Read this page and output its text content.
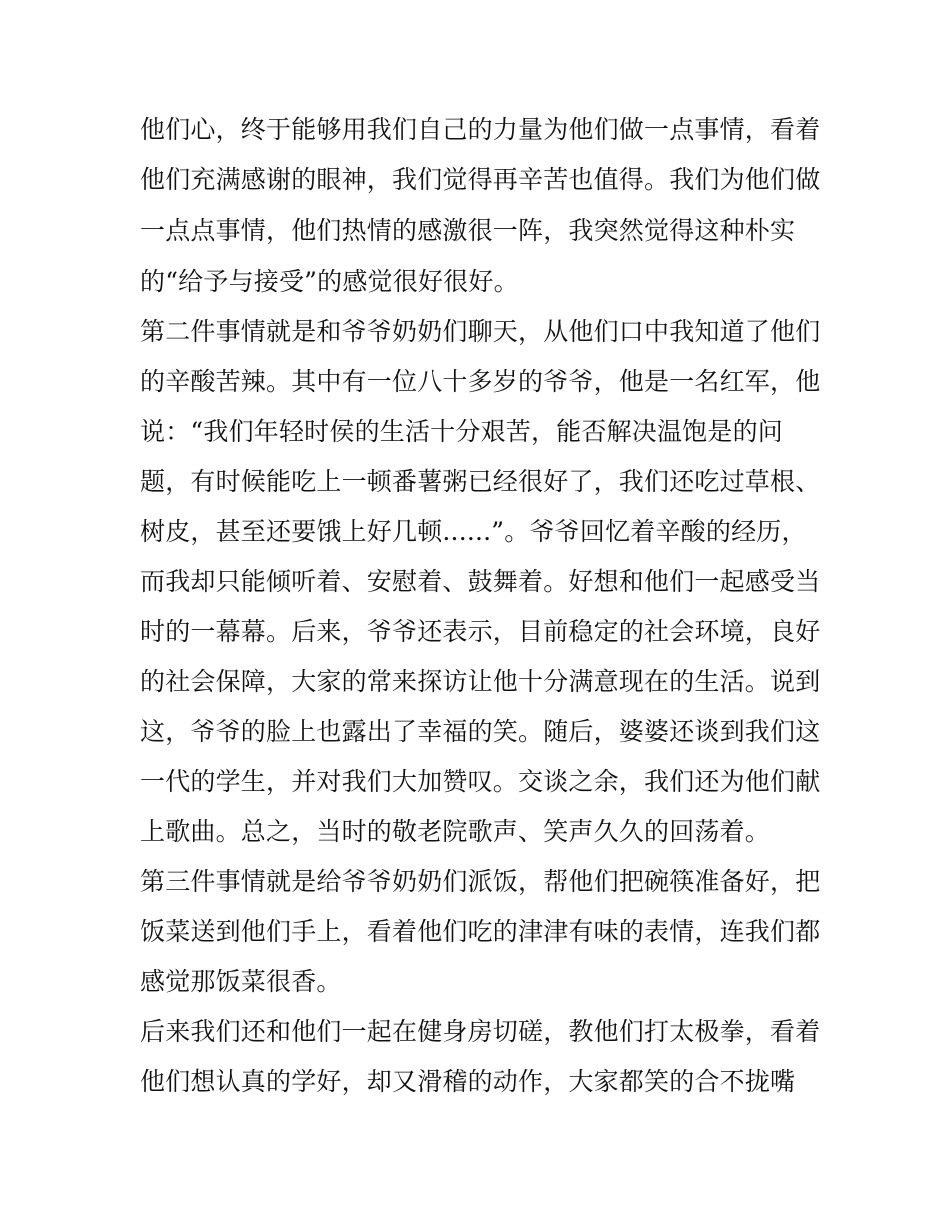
他们心，终于能够用我们自己的力量为他们做一点事情，看着
他们充满感谢的眼神，我们觉得再辛苦也值得。我们为他们做
一点点事情，他们热情的感激很一阵，我突然觉得这种朴实
的“给予与接受”的感觉很好很好。
第二件事情就是和爷爷奶奶们聊天，从他们口中我知道了他们
的辛酸苦辣。其中有一位八十多岁的爷爷，他是一名红军，他
说：“我们年轻时侯的生活十分艰苦，能否解决温饱是的问
题，有时候能吃上一顿番薯粥已经很好了，我们还吃过草根、
树皮，甚至还要饿上好几顿......”。爷爷回忆着辛酸的经历，
而我却只能倾听着、安慰着、鼓舞着。好想和他们一起感受当
时的一幕幕。后来，爷爷还表示，目前稳定的社会环境，良好
的社会保障，大家的常来探访让他十分满意现在的生活。说到
这，爷爷的脸上也露出了幸福的笑。随后，婆婆还谈到我们这
一代的学生，并对我们大加赞叹。交谈之余，我们还为他们献
上歌曲。总之，当时的敬老院歌声、笑声久久的回荡着。
第三件事情就是给爷爷奶奶们派饭，帮他们把碗筷准备好，把
饭菜送到他们手上，看着他们吃的津津有味的表情，连我们都
感觉那饭菜很香。
后来我们还和他们一起在健身房切磋，教他们打太极拳，看着
他们想认真的学好，却又滑稽的动作，大家都笑的合不拢嘴
